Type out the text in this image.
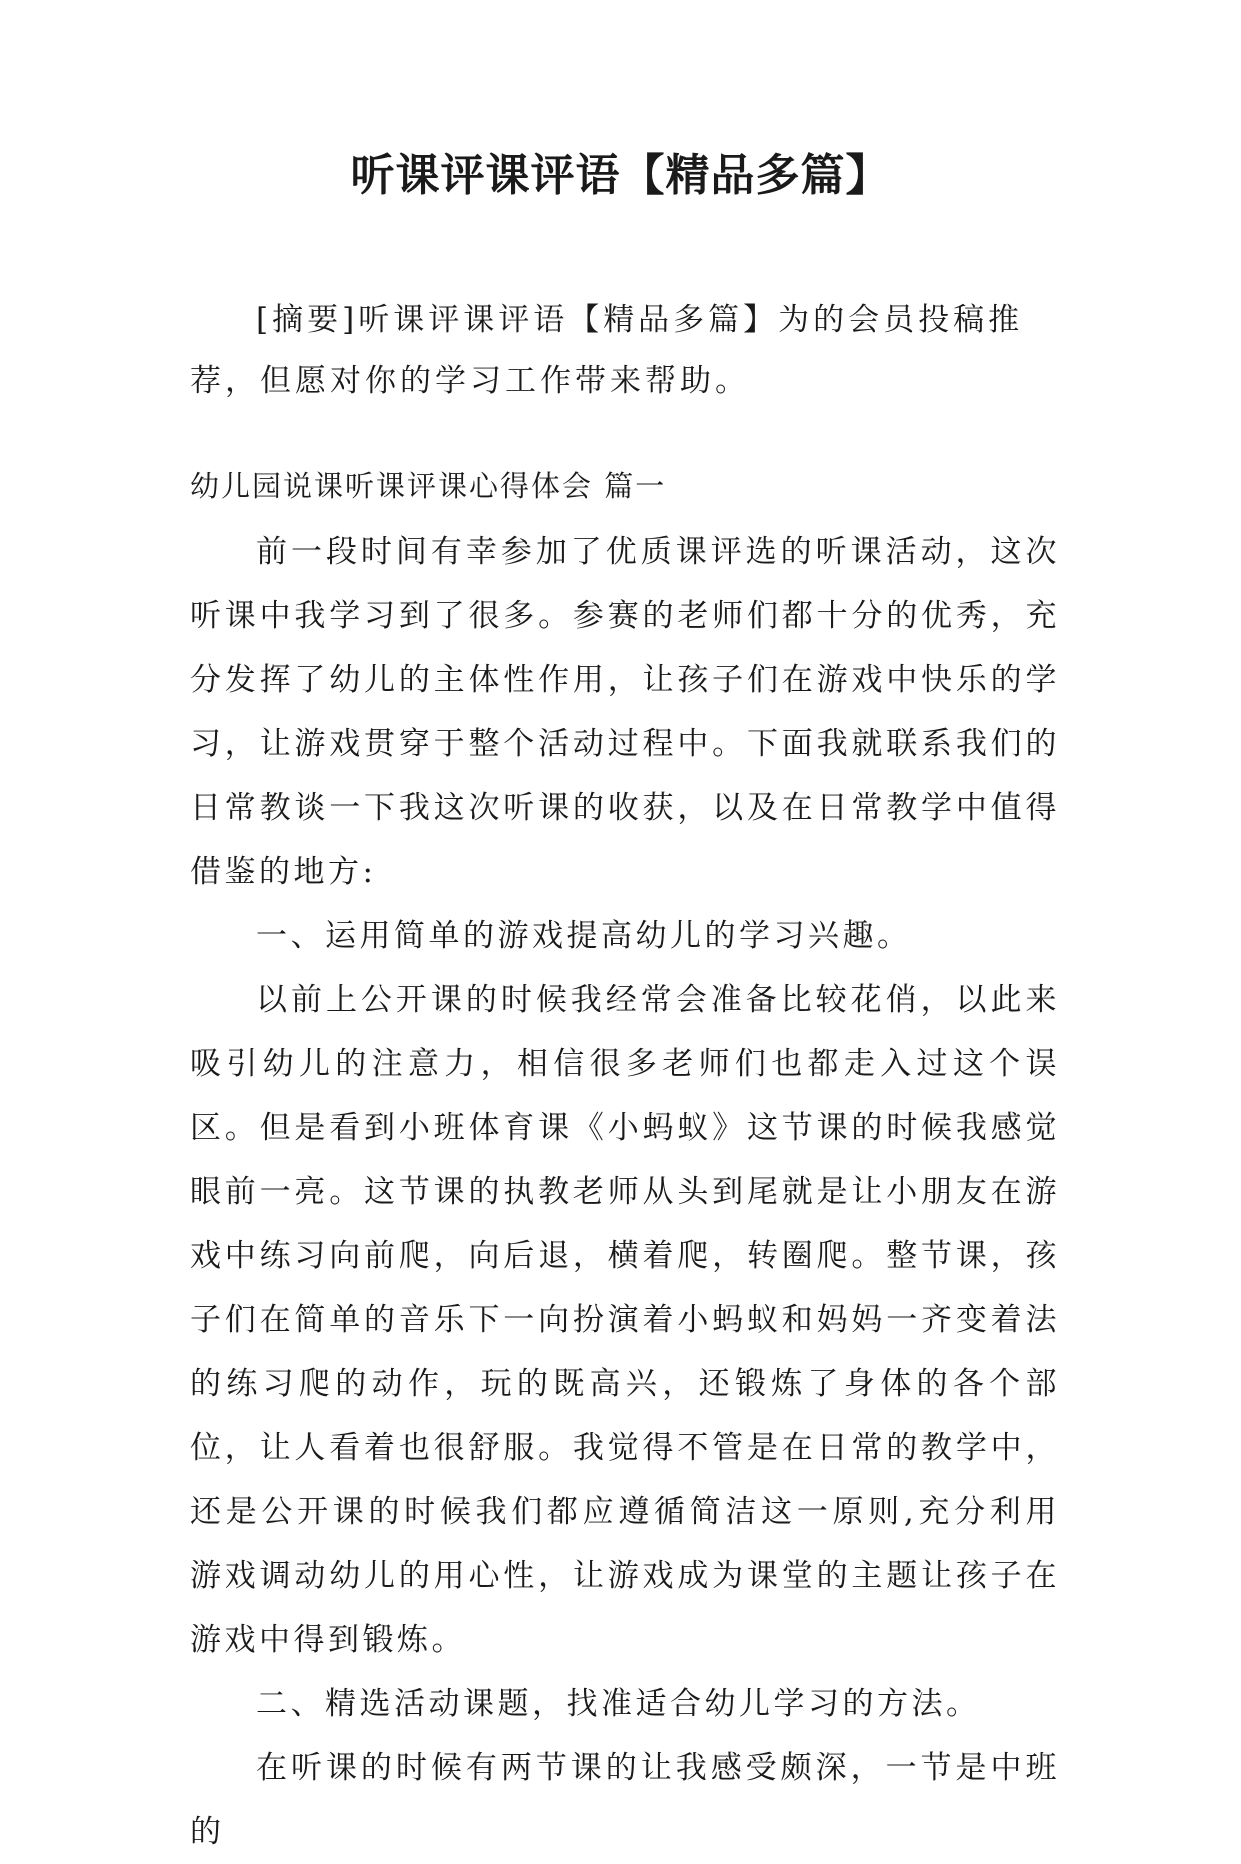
听课评课评语【精品多篇】

[摘要]听课评课评语【精品多篇】为的会员投稿推荐，但愿对你的学习工作带来帮助。

幼儿园说课听课评课心得体会 篇一

前一段时间有幸参加了优质课评选的听课活动，这次听课中我学习到了很多。参赛的老师们都十分的优秀，充分发挥了幼儿的主体性作用，让孩子们在游戏中快乐的学习，让游戏贯穿于整个活动过程中。下面我就联系我们的日常教谈一下我这次听课的收获，以及在日常教学中值得借鉴的地方:

一、运用简单的游戏提高幼儿的学习兴趣。

以前上公开课的时候我经常会准备比较花俏，以此来吸引幼儿的注意力，相信很多老师们也都走入过这个误区。但是看到小班体育课《小蚂蚁》这节课的时候我感觉眼前一亮。这节课的执教老师从头到尾就是让小朋友在游戏中练习向前爬，向后退，横着爬，转圈爬。整节课，孩子们在简单的音乐下一向扮演着小蚂蚁和妈妈一齐变着法的练习爬的动作，玩的既高兴，还锻炼了身体的各个部位，让人看着也很舒服。我觉得不管是在日常的教学中，还是公开课的时候我们都应遵循简洁这一原则,充分利用游戏调动幼儿的用心性，让游戏成为课堂的主题让孩子在游戏中得到锻炼。

二、精选活动课题，找准适合幼儿学习的方法。

在听课的时候有两节课的让我感受颇深，一节是中班的
